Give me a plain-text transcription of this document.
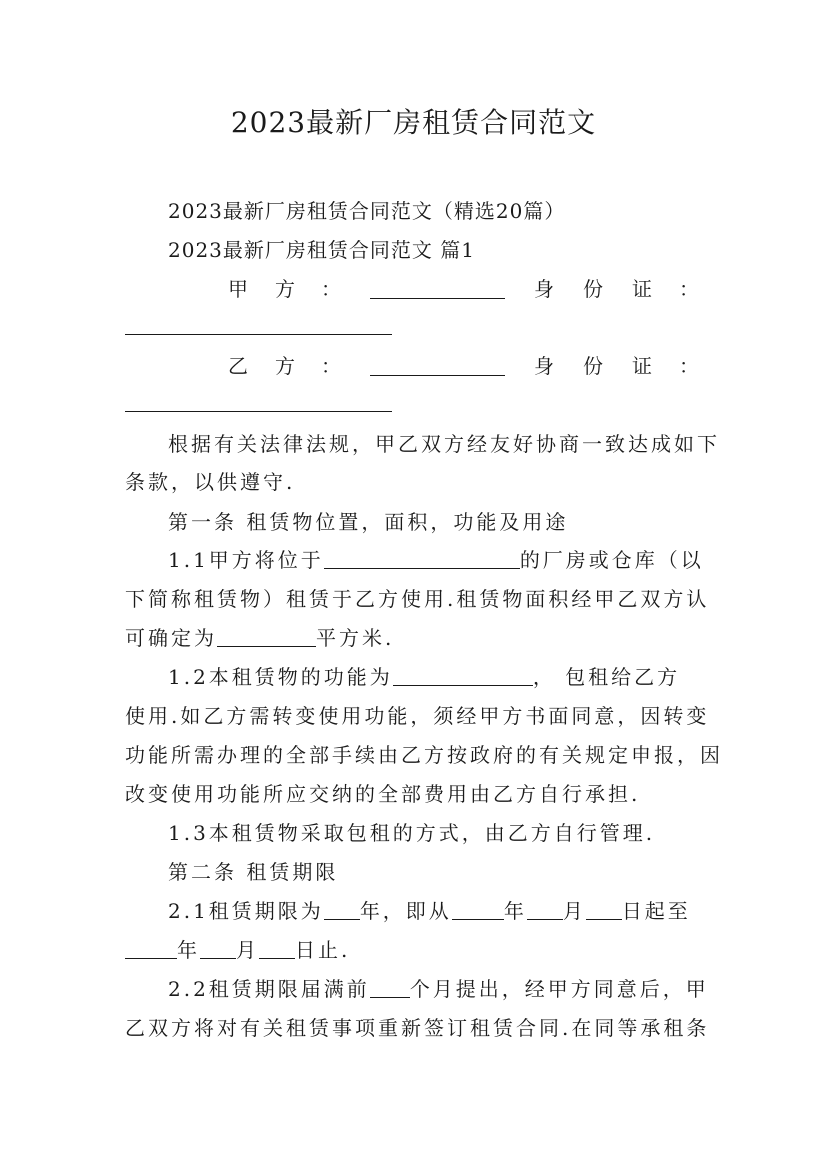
2023最新厂房租赁合同范文
2023最新厂房租赁合同范文（精选20篇）
2023最新厂房租赁合同范文 篇1
甲 方 ：	身 份 证 ：
乙 方 ：	身 份 证 ：
根据有关法律法规，甲乙双方经友好协商一致达成如下
条款，以供遵守.
第一条 租赁物位置，面积，功能及用途
1.1甲方将位于	的厂房或仓库（以
下简称租赁物）租赁于乙方使用.租赁物面积经甲乙双方认
可确定为	平方米.
1.2本租赁物的功能为	， 包租给乙方
使用.如乙方需转变使用功能，须经甲方书面同意，因转变
功能所需办理的全部手续由乙方按政府的有关规定申报，因
改变使用功能所应交纳的全部费用由乙方自行承担.
1.3本租赁物采取包租的方式，由乙方自行管理.
第二条 租赁期限
2.1租赁期限为 年，即从	年 月 日起至
年 月 日止.
2.2租赁期限届满前 个月提出，经甲方同意后，甲
乙双方将对有关租赁事项重新签订租赁合同.在同等承租条
